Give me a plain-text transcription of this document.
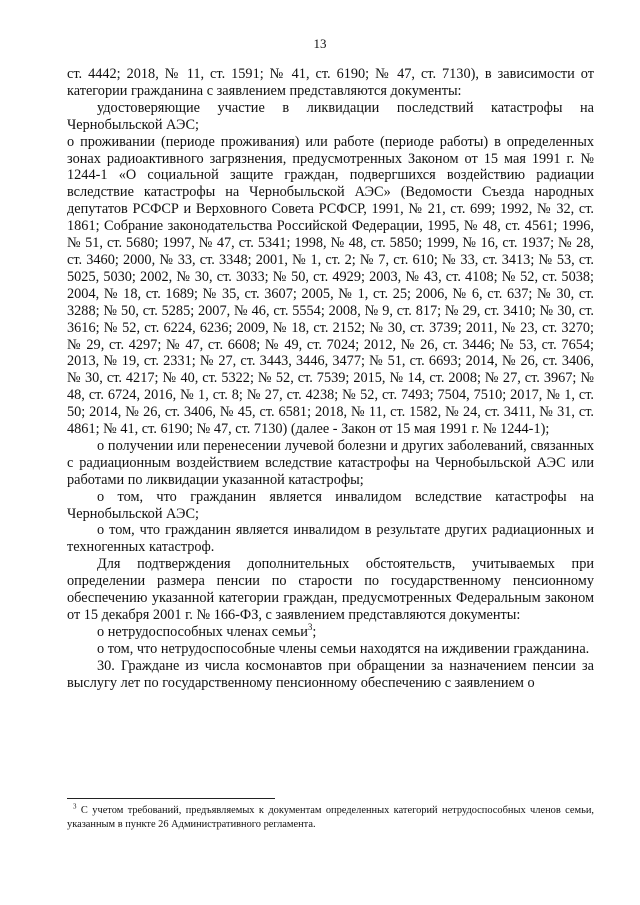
13

ст. 4442; 2018, № 11, ст. 1591; № 41, ст. 6190; № 47, ст. 7130), в зависимости от категории гражданина с заявлением представляются документы:

удостоверяющие участие в ликвидации последствий катастрофы на Чернобыльской АЭС;

о проживании (периоде проживания) или работе (периоде работы) в определенных зонах радиоактивного загрязнения, предусмотренных Законом от 15 мая 1991 г. № 1244-1 «О социальной защите граждан, подвергшихся воздействию радиации вследствие катастрофы на Чернобыльской АЭС» (Ведомости Съезда народных депутатов РСФСР и Верховного Совета РСФСР, 1991, № 21, ст. 699; 1992, № 32, ст. 1861; Собрание законодательства Российской Федерации, 1995, № 48, ст. 4561; 1996, № 51, ст. 5680; 1997, № 47, ст. 5341; 1998, № 48, ст. 5850; 1999, № 16, ст. 1937; № 28, ст. 3460; 2000, № 33, ст. 3348; 2001, № 1, ст. 2; № 7, ст. 610; № 33, ст. 3413; № 53, ст. 5025, 5030; 2002, № 30, ст. 3033; № 50, ст. 4929; 2003, № 43, ст. 4108; № 52, ст. 5038; 2004, № 18, ст. 1689; № 35, ст. 3607; 2005, № 1, ст. 25; 2006, № 6, ст. 637; № 30, ст. 3288; № 50, ст. 5285; 2007, № 46, ст. 5554; 2008, № 9, ст. 817; № 29, ст. 3410; № 30, ст. 3616; № 52, ст. 6224, 6236; 2009, № 18, ст. 2152; № 30, ст. 3739; 2011, № 23, ст. 3270; № 29, ст. 4297; № 47, ст. 6608; № 49, ст. 7024; 2012, № 26, ст. 3446; № 53, ст. 7654; 2013, № 19, ст. 2331; № 27, ст. 3443, 3446, 3477; № 51, ст. 6693; 2014, № 26, ст. 3406, № 30, ст. 4217; № 40, ст. 5322; № 52, ст. 7539; 2015, № 14, ст. 2008; № 27, ст. 3967; № 48, ст. 6724, 2016, № 1, ст. 8; № 27, ст. 4238; № 52, ст. 7493; 7504, 7510; 2017, № 1, ст. 50; 2014, № 26, ст. 3406, № 45, ст. 6581; 2018, № 11, ст. 1582, № 24, ст. 3411, № 31, ст. 4861; № 41, ст. 6190; № 47, ст. 7130) (далее - Закон от 15 мая 1991 г. № 1244-1);

о получении или перенесении лучевой болезни и других заболеваний, связанных с радиационным воздействием вследствие катастрофы на Чернобыльской АЭС или работами по ликвидации указанной катастрофы;

о том, что гражданин является инвалидом вследствие катастрофы на Чернобыльской АЭС;

о том, что гражданин является инвалидом в результате других радиационных и техногенных катастроф.

Для подтверждения дополнительных обстоятельств, учитываемых при определении размера пенсии по старости по государственному пенсионному обеспечению указанной категории граждан, предусмотренных Федеральным законом от 15 декабря 2001 г. № 166-ФЗ, с заявлением представляются документы:

о нетрудоспособных членах семьи$^3$;

о том, что нетрудоспособные члены семьи находятся на иждивении гражданина.

30. Граждане из числа космонавтов при обращении за назначением пенсии за выслугу лет по государственному пенсионному обеспечению с заявлением о

$^3$ С учетом требований, предъявляемых к документам определенных категорий нетрудоспособных членов семьи, указанным в пункте 26 Административного регламента.
